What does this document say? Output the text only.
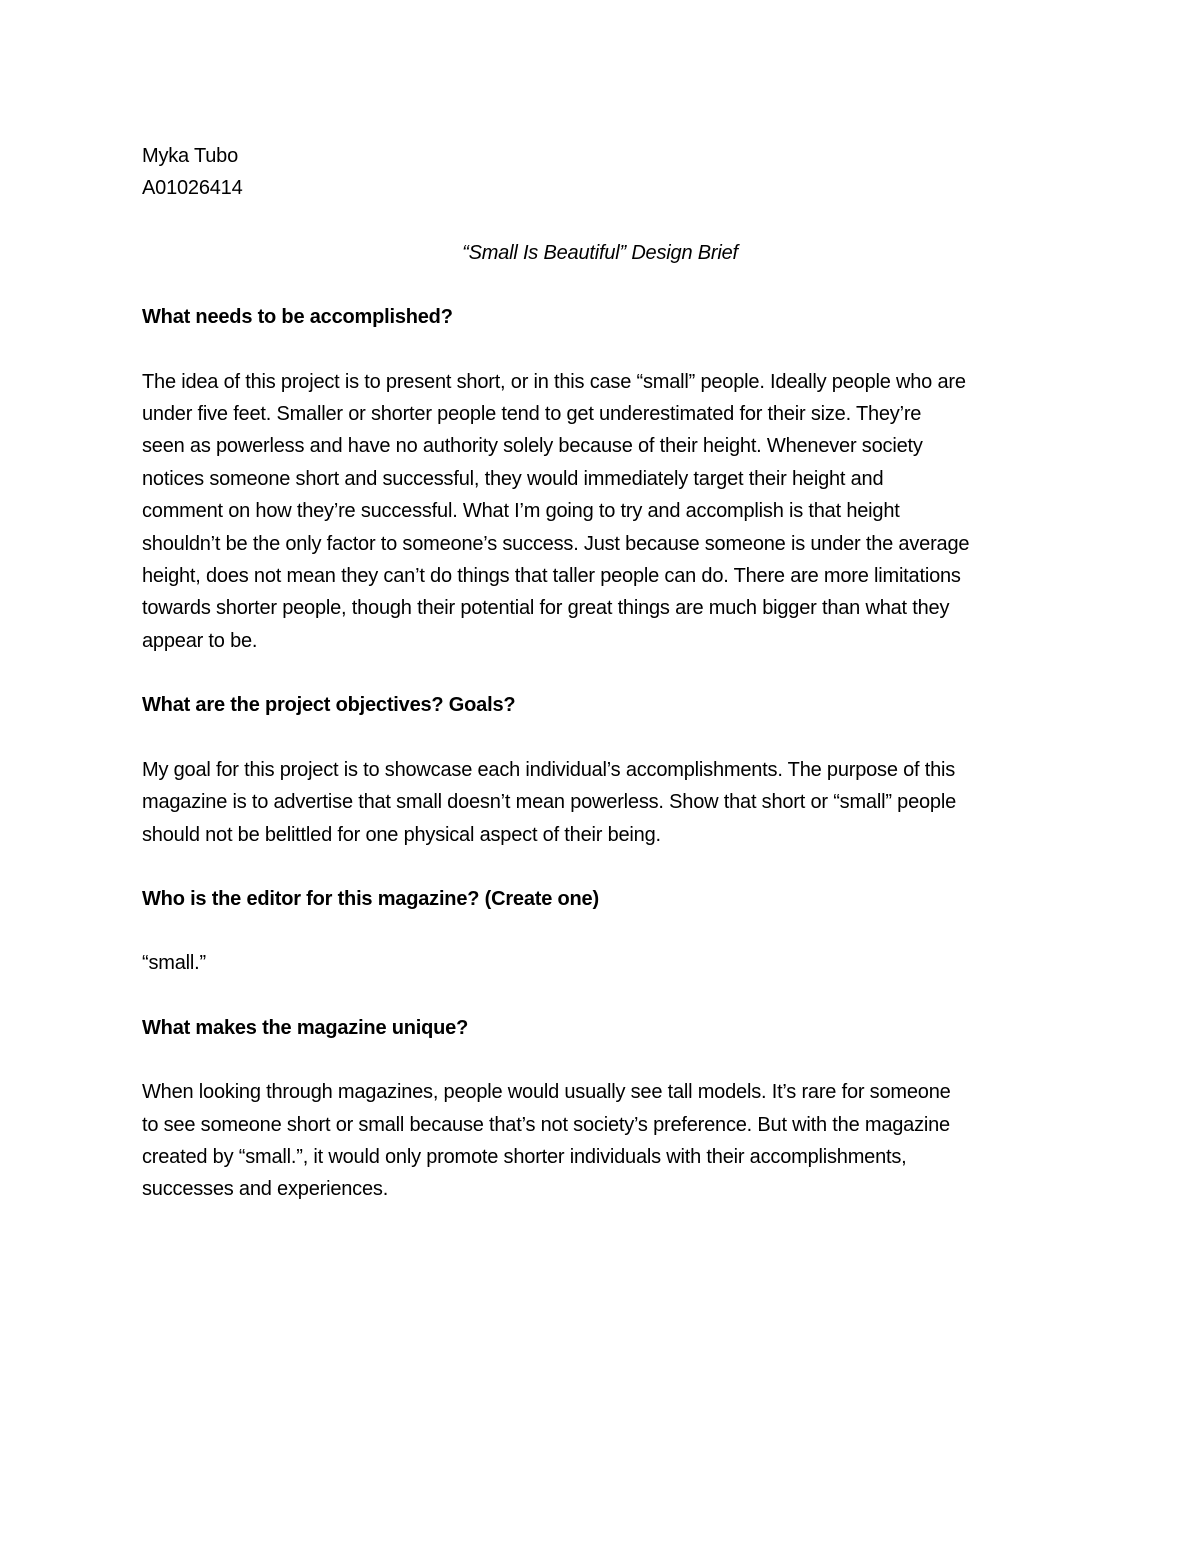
Myka Tubo

A01026414

“Small Is Beautiful” Design Brief

What needs to be accomplished?

The idea of this project is to present short, or in this case “small” people. Ideally people who are

under five feet. Smaller or shorter people tend to get underestimated for their size. They’re

seen as powerless and have no authority solely because of their height. Whenever society

notices someone short and successful, they would immediately target their height and

comment on how they’re successful. What I’m going to try and accomplish is that height

shouldn’t be the only factor to someone’s success. Just because someone is under the average

height, does not mean they can’t do things that taller people can do. There are more limitations

towards shorter people, though their potential for great things are much bigger than what they

appear to be.

What are the project objectives? Goals?

My goal for this project is to showcase each individual’s accomplishments. The purpose of this

magazine is to advertise that small doesn’t mean powerless. Show that short or “small” people

should not be belittled for one physical aspect of their being.

Who is the editor for this magazine? (Create one)

“small.”

What makes the magazine unique?

When looking through magazines, people would usually see tall models. It’s rare for someone

to see someone short or small because that’s not society’s preference. But with the magazine

created by “small.”, it would only promote shorter individuals with their accomplishments,

successes and experiences.
